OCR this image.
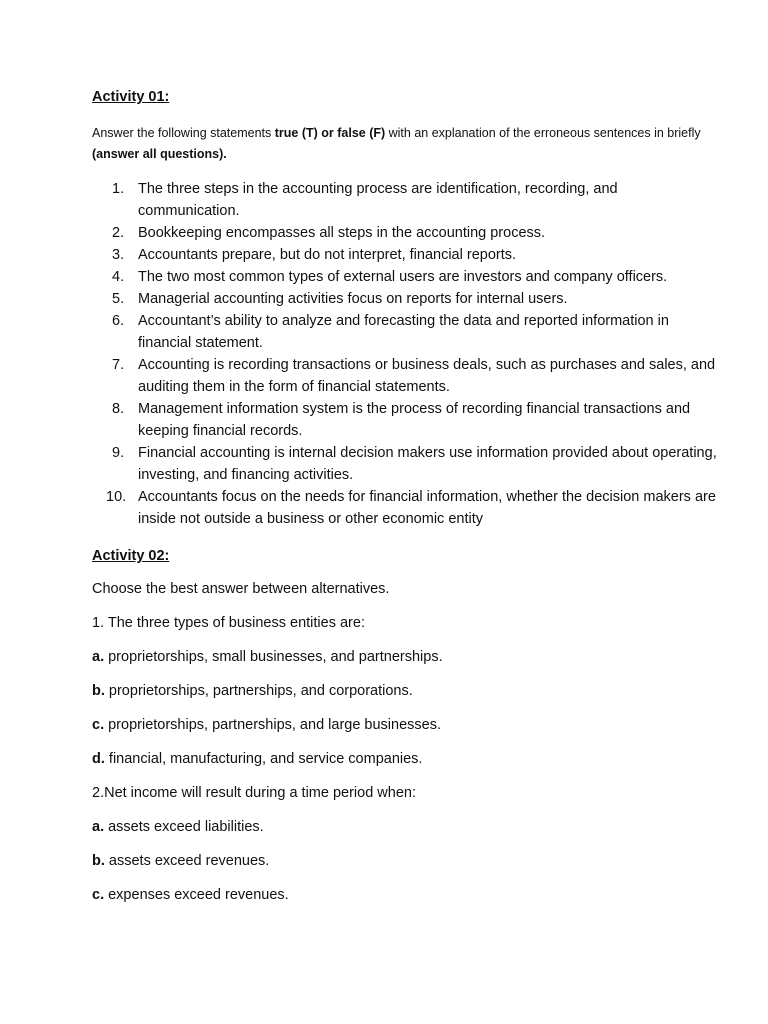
Activity 01:

Answer the following statements true (T) or false (F) with an explanation of the erroneous sentences in briefly (answer all questions).

1. The three steps in the accounting process are identification, recording, and communication.
2. Bookkeeping encompasses all steps in the accounting process.
3. Accountants prepare, but do not interpret, financial reports.
4. The two most common types of external users are investors and company officers.
5. Managerial accounting activities focus on reports for internal users.
6. Accountant’s ability to analyze and forecasting the data and reported information in financial statement.
7. Accounting is recording transactions or business deals, such as purchases and sales, and auditing them in the form of financial statements.
8. Management information system is the process of recording financial transactions and keeping financial records.
9. Financial accounting is internal decision makers use information provided about operating, investing, and financing activities.
10. Accountants focus on the needs for financial information, whether the decision makers are inside not outside a business or other economic entity

Activity 02:

Choose the best answer between alternatives.

1. The three types of business entities are:

a. proprietorships, small businesses, and partnerships.

b. proprietorships, partnerships, and corporations.

c. proprietorships, partnerships, and large businesses.

d. financial, manufacturing, and service companies.

2.Net income will result during a time period when:

a. assets exceed liabilities.

b. assets exceed revenues.

c. expenses exceed revenues.
